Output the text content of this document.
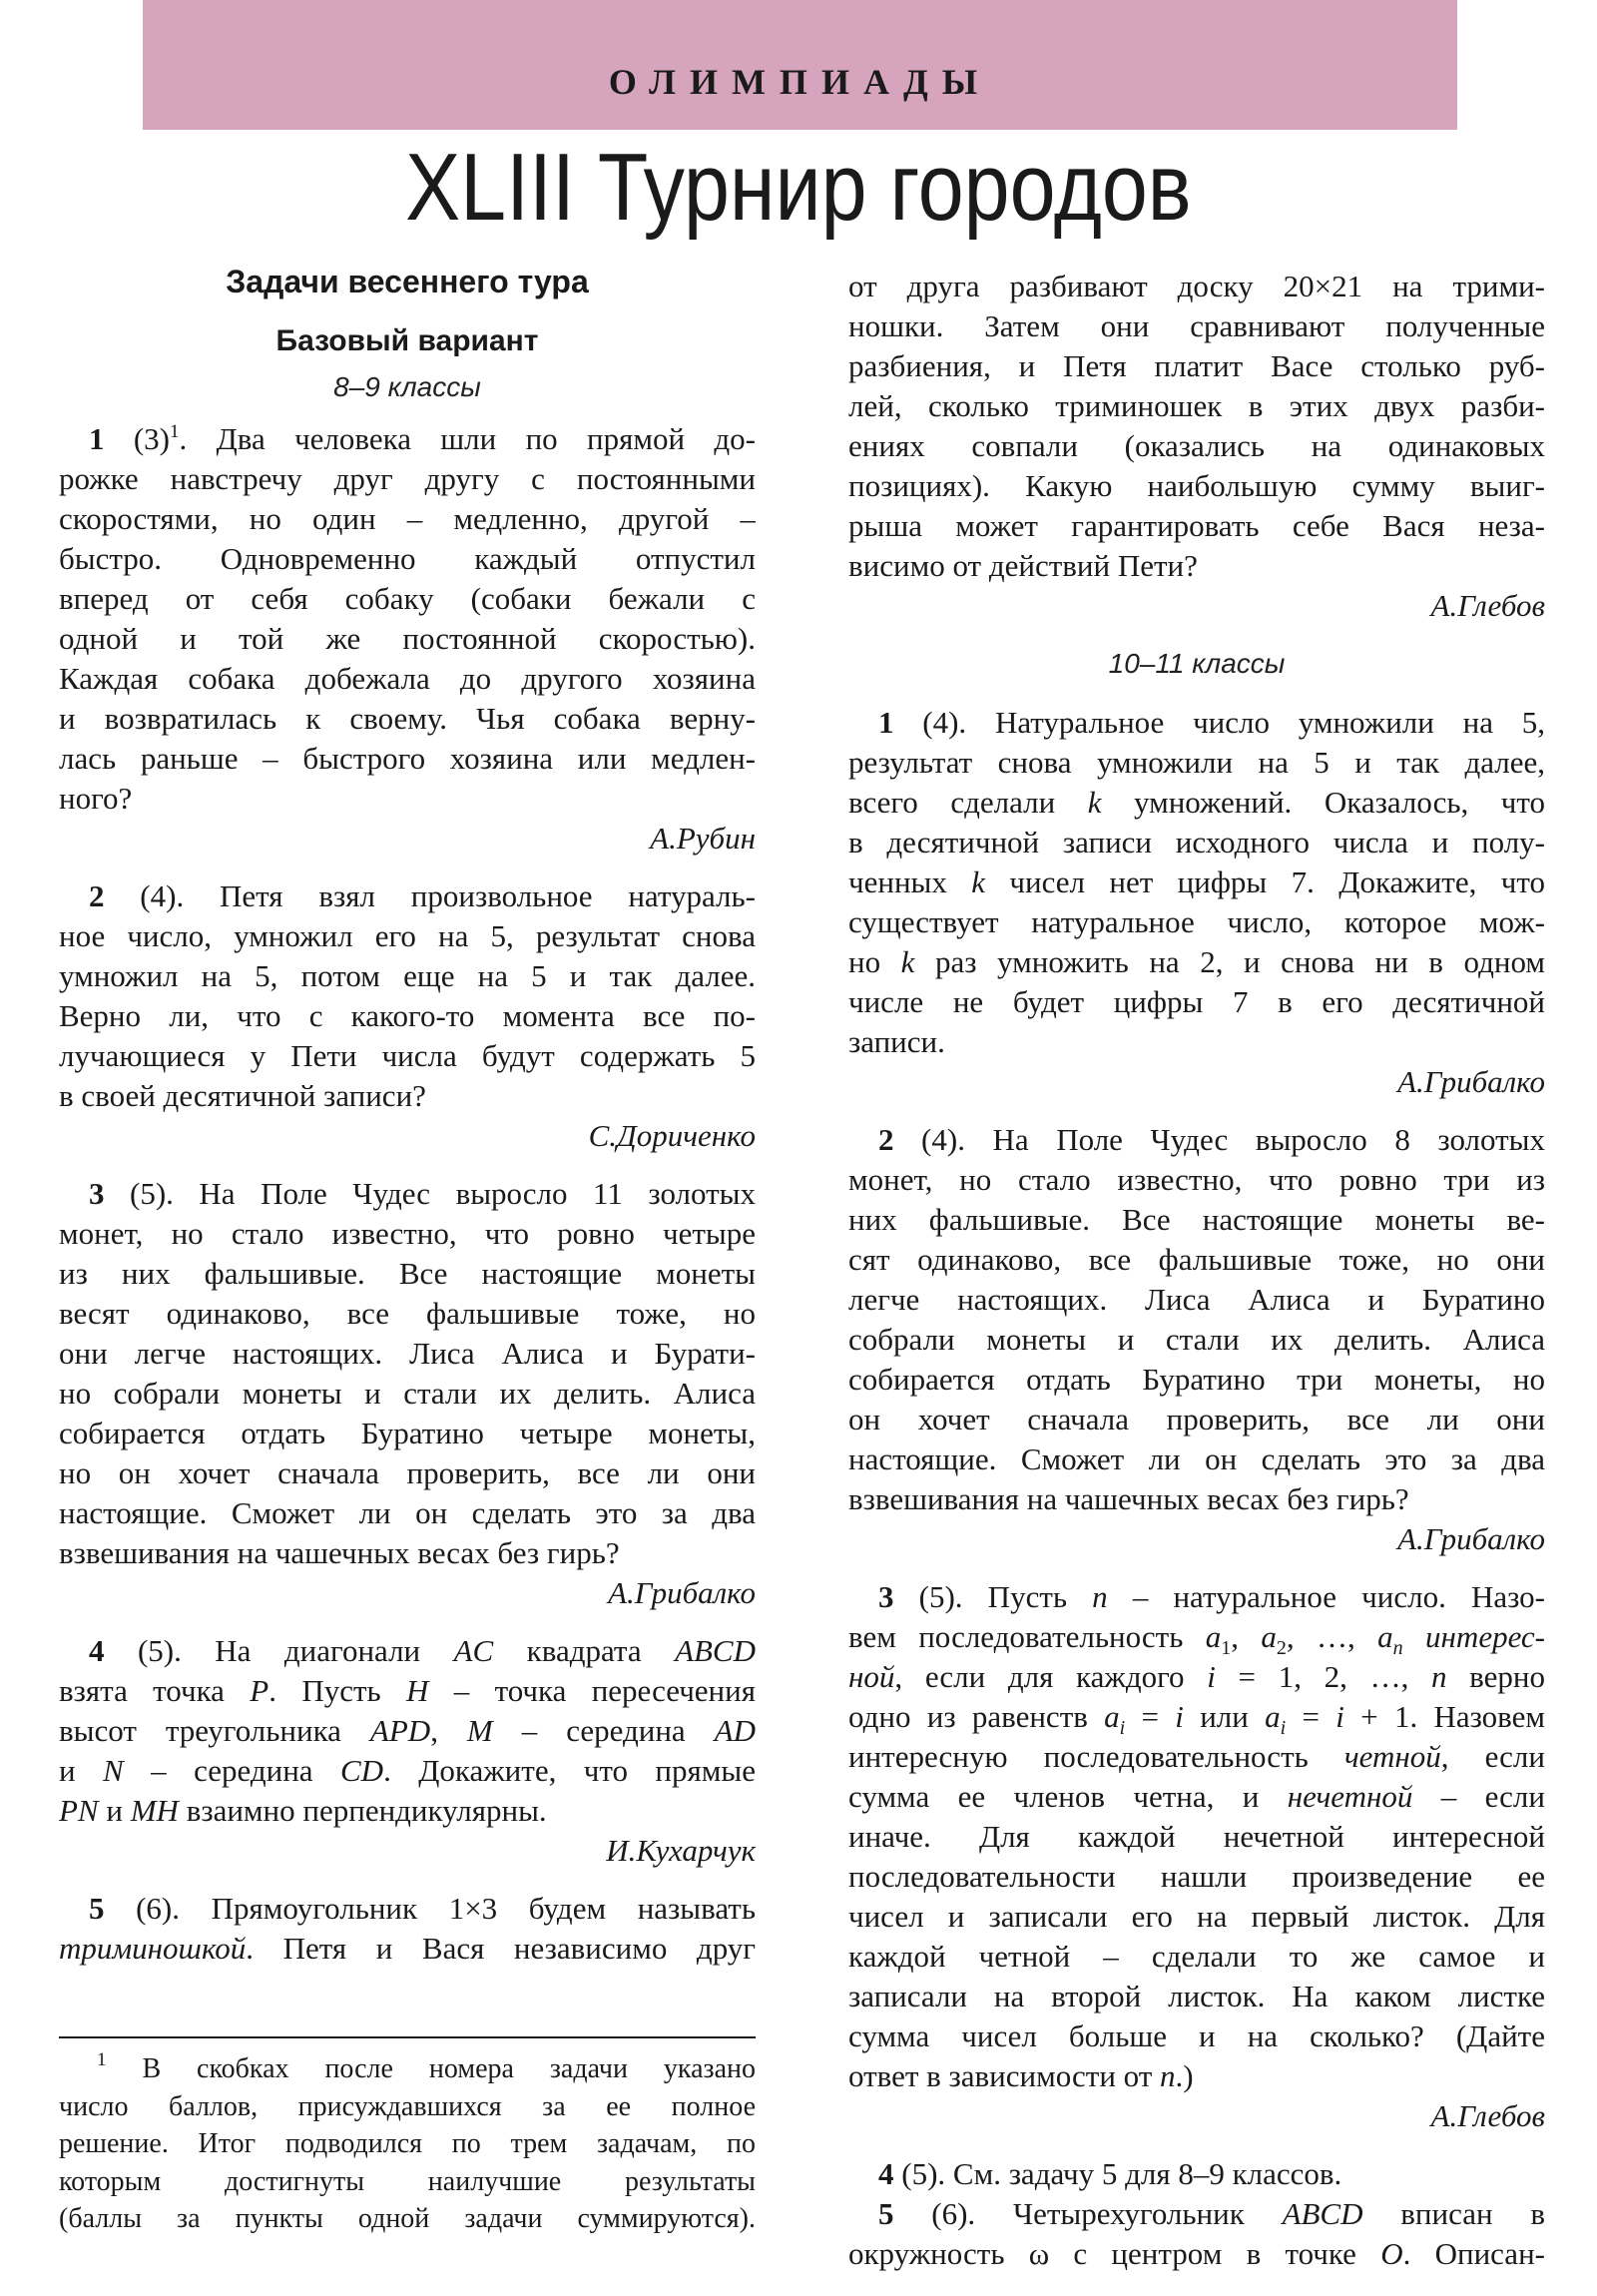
ОЛИМПИАДЫ
XLIII Турнир городов
Задачи весеннего тура
Базовый вариант
8–9 классы
1 $(3)^1$. Два человека шли по прямой до-
рожке навстречу друг другу с постоянными
скоростями, но один – медленно, другой –
быстро. Одновременно каждый отпустил
вперед от себя собаку (собаки бежали с
одной и той же постоянной скоростью).
Каждая собака добежала до другого хозяина
и возвратилась к своему. Чья собака верну-
лась раньше – быстрого хозяина или медлен-
ного?
А.Рубин
2 (4). Петя взял произвольное натураль-
ное число, умножил его на 5, результат снова
умножил на 5, потом еще на 5 и так далее.
Верно ли, что с какого-то момента все по-
лучающиеся у Пети числа будут содержать 5
в своей десятичной записи?
С.Дориченко
3 (5). На Поле Чудес выросло 11 золотых
монет, но стало известно, что ровно четыре
из них фальшивые. Все настоящие монеты
весят одинаково, все фальшивые тоже, но
они легче настоящих. Лиса Алиса и Бурати-
но собрали монеты и стали их делить. Алиса
собирается отдать Буратино четыре монеты,
но он хочет сначала проверить, все ли они
настоящие. Сможет ли он сделать это за два
взвешивания на чашечных весах без гирь?
А.Грибалко
4 (5). На диагонали AC квадрата ABCD
взята точка P. Пусть H – точка пересечения
высот треугольника APD, M – середина AD
и N – середина CD. Докажите, что прямые
PN и MH взаимно перпендикулярны.
И.Кухарчук
5 (6). Прямоугольник 1×3 будем называть
триминошкой. Петя и Вася независимо друг
от друга разбивают доску 20×21 на трими-
ношки. Затем они сравнивают полученные
разбиения, и Петя платит Васе столько руб-
лей, сколько триминошек в этих двух разби-
ениях совпали (оказались на одинаковых
позициях). Какую наибольшую сумму выиг-
рыша может гарантировать себе Вася неза-
висимо от действий Пети?
А.Глебов
10–11 классы
1 (4). Натуральное число умножили на 5,
результат снова умножили на 5 и так далее,
всего сделали k умножений. Оказалось, что
в десятичной записи исходного числа и полу-
ченных k чисел нет цифры 7. Докажите, что
существует натуральное число, которое мож-
но k раз умножить на 2, и снова ни в одном
числе не будет цифры 7 в его десятичной
записи.
А.Грибалко
2 (4). На Поле Чудес выросло 8 золотых
монет, но стало известно, что ровно три из
них фальшивые. Все настоящие монеты ве-
сят одинаково, все фальшивые тоже, но они
легче настоящих. Лиса Алиса и Буратино
собрали монеты и стали их делить. Алиса
собирается отдать Буратино три монеты, но
он хочет сначала проверить, все ли они
настоящие. Сможет ли он сделать это за два
взвешивания на чашечных весах без гирь?
А.Грибалко
3 (5). Пусть n – натуральное число. Назо-
вем последовательность $a_1$, $a_2$, …, $a_n$ интерес-
ной, если для каждого i = 1, 2, …, n верно
одно из равенств $a_i = i$ или $a_i = i + 1$. Назовем
интересную последовательность четной, если
сумма ее членов четна, и нечетной – если
иначе. Для каждой нечетной интересной
последовательности нашли произведение ее
чисел и записали его на первый листок. Для
каждой четной – сделали то же самое и
записали на второй листок. На каком листке
сумма чисел больше и на сколько? (Дайте
ответ в зависимости от n.)
А.Глебов
4 (5). См. задачу 5 для 8–9 классов.
5 (6). Четырехугольник ABCD вписан в
окружность ω с центром в точке O. Описан-
$^1$ В скобках после номера задачи указано
число баллов, присуждавшихся за ее полное
решение. Итог подводился по трем задачам, по
которым достигнуты наилучшие результаты
(баллы за пункты одной задачи суммируются).
